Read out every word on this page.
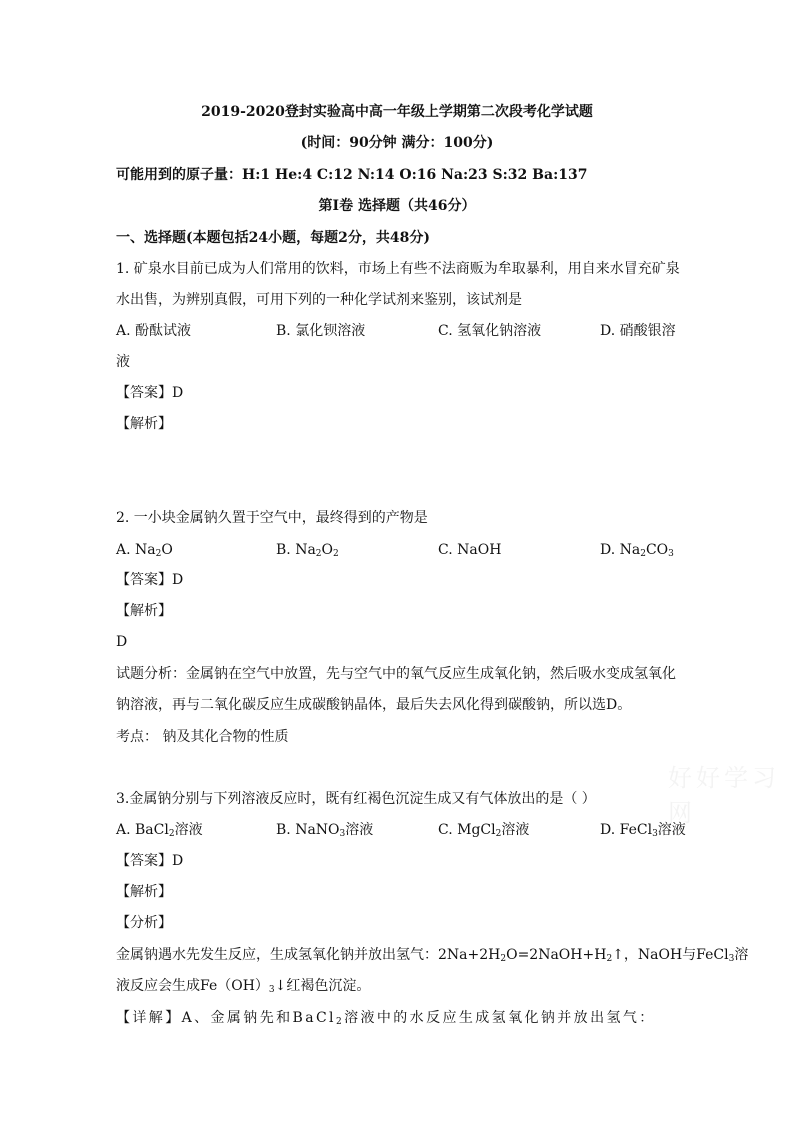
2019-2020登封实验高中高一年级上学期第二次段考化学试题
(时间：90分钟 满分：100分)
可能用到的原子量：H:1 He:4 C:12 N:14 O:16 Na:23 S:32 Ba:137
第Ⅰ卷 选择题（共46分）
一、选择题(本题包括24小题，每题2分，共48分)
1. 矿泉水目前已成为人们常用的饮料，市场上有些不法商贩为牟取暴利，用自来水冒充矿泉
水出售，为辨别真假，可用下列的一种化学试剂来鉴别，该试剂是
A. 酚酞试液	B. 氯化钡溶液	C. 氢氧化钠溶液	D. 硝酸银溶
液
【答案】D
【解析】
2. 一小块金属钠久置于空气中，最终得到的产物是
A. $Na_2O$	B. $Na_2O_2$	C. NaOH	D. $Na_2CO_3$
【答案】D
【解析】
D
试题分析：金属钠在空气中放置，先与空气中的氧气反应生成氧化钠，然后吸水变成氢氧化
钠溶液，再与二氧化碳反应生成碳酸钠晶体，最后失去风化得到碳酸钠，所以选D。
考点： 钠及其化合物的性质
好好学习网
3.金属钠分别与下列溶液反应时，既有红褐色沉淀生成又有气体放出的是（ ）
A. BaCl$_2$溶液	B. NaNO$_3$溶液	C. MgCl$_2$溶液	D. FeCl$_3$溶液
【答案】D
【解析】
【分析】
金属钠遇水先发生反应，生成氢氧化钠并放出氢气：$2Na+2H_2O=2NaOH+H_2↑$，NaOH与FeCl$_3$溶
液反应会生成$Fe(OH)_3↓$红褐色沉淀。
【详解】A、金属钠先和BaCl$_2$溶液中的水反应生成氢氧化钠并放出氢气：
